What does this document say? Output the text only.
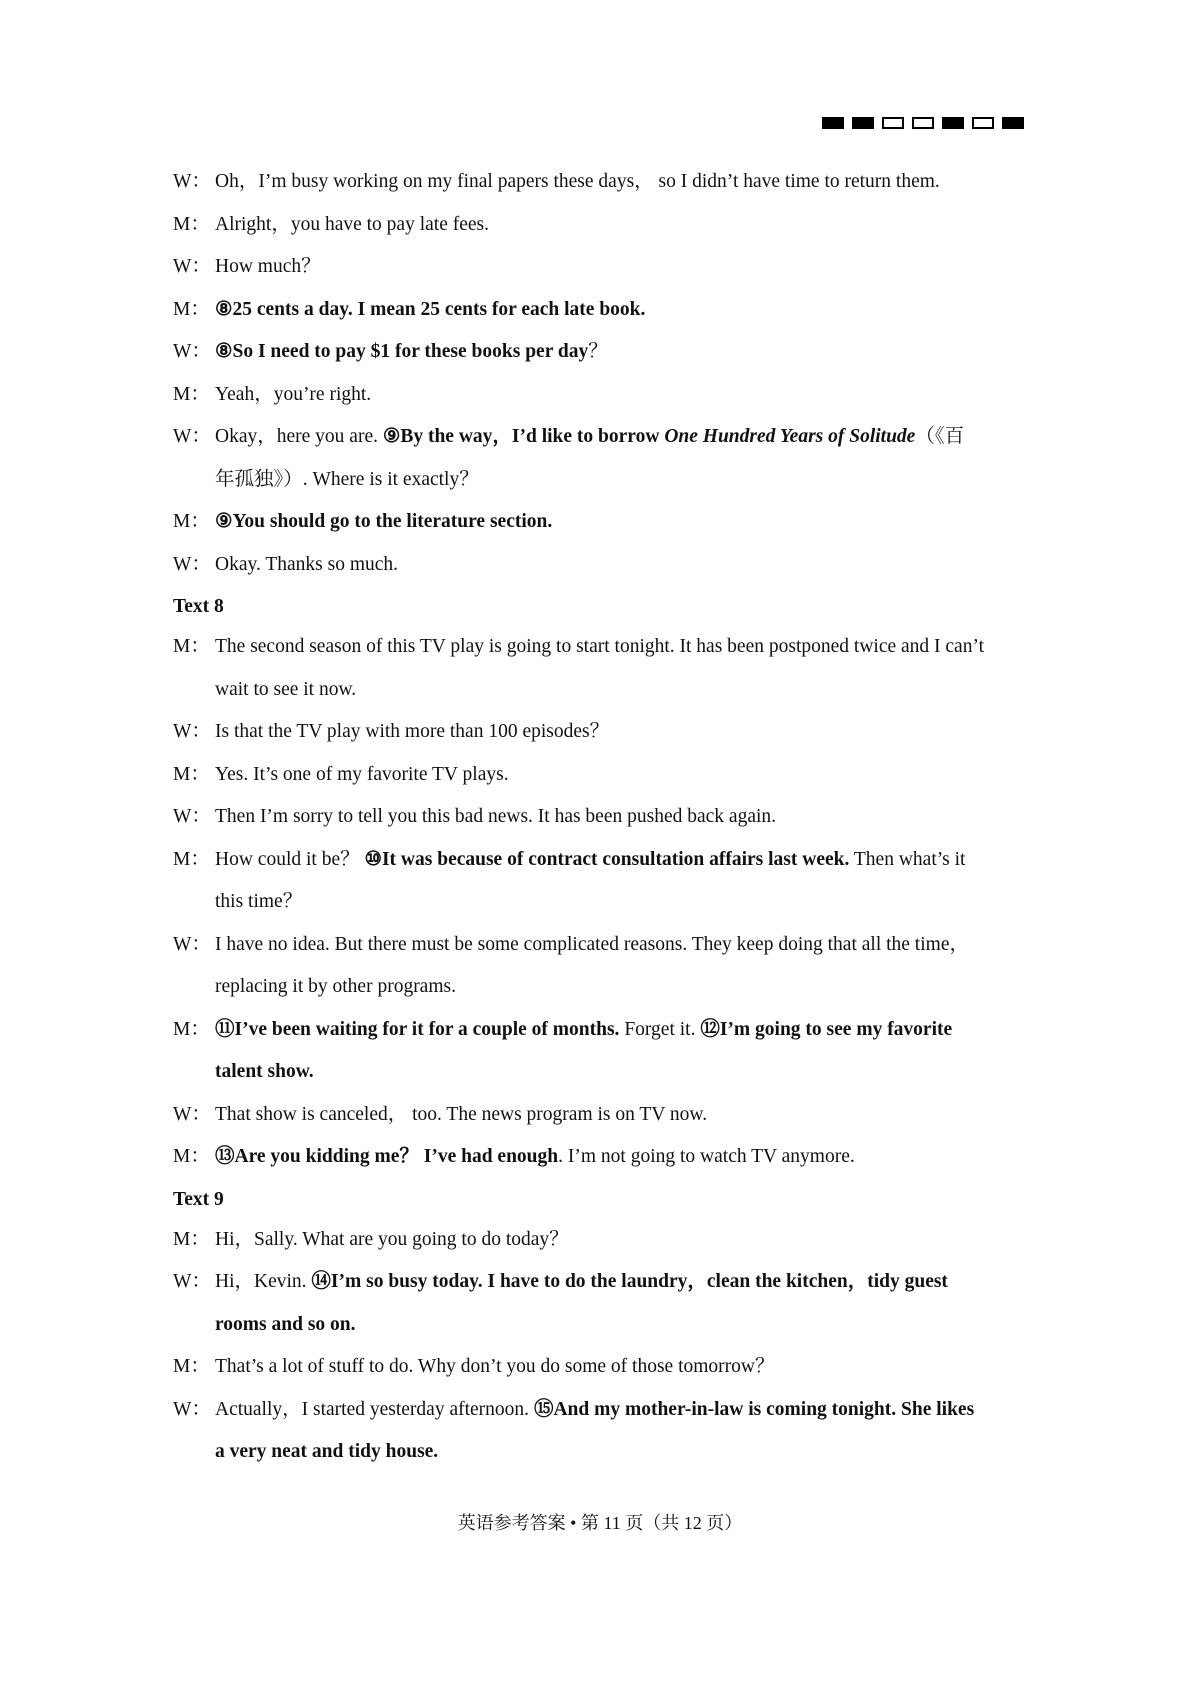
W： Oh，I’m busy working on my final papers these days， so I didn’t have time to return them.
M： Alright，you have to pay late fees.
W： How much？
M： ⑧25 cents a day. I mean 25 cents for each late book.
W： ⑧So I need to pay $1 for these books per day？
M： Yeah，you’re right.
W： Okay，here you are. ⑨By the way，I’d like to borrow One Hundred Years of Solitude（《百
年孤独》）. Where is it exactly？
M： ⑨You should go to the literature section.
W： Okay. Thanks so much.
Text 8
M： The second season of this TV play is going to start tonight. It has been postponed twice and I can’t
wait to see it now.
W： Is that the TV play with more than 100 episodes？
M： Yes. It’s one of my favorite TV plays.
W： Then I’m sorry to tell you this bad news. It has been pushed back again.
M： How could it be？ ⑩It was because of contract consultation affairs last week. Then what’s it
this time？
W： I have no idea. But there must be some complicated reasons. They keep doing that all the time，
replacing it by other programs.
M： ⑪I’ve been waiting for it for a couple of months. Forget it. ⑫I’m going to see my favorite
talent show.
W： That show is canceled， too. The news program is on TV now.
M： ⑬Are you kidding me？ I’ve had enough. I’m not going to watch TV anymore.
Text 9
M： Hi，Sally. What are you going to do today？
W： Hi，Kevin. ⑭I’m so busy today. I have to do the laundry，clean the kitchen，tidy guest
rooms and so on.
M： That’s a lot of stuff to do. Why don’t you do some of those tomorrow？
W： Actually，I started yesterday afternoon. ⑮And my mother-in-law is coming tonight. She likes
a very neat and tidy house.
英语参考答案 • 第 11 页（共 12 页）
